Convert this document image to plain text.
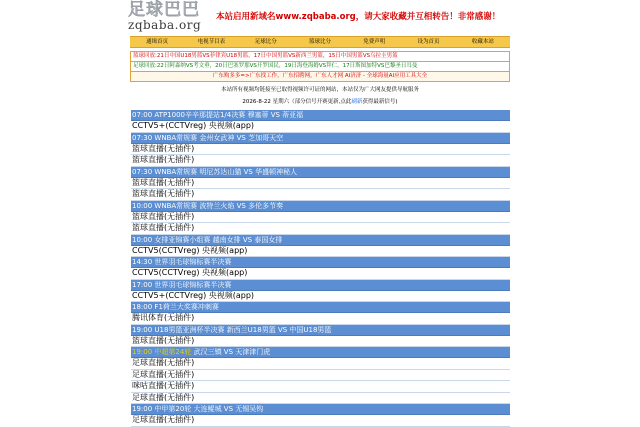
足球巴巴
zqbaba.org
本站启用新域名www.zqbaba.org，请大家收藏并互相转告！非常感谢！
通缉首页	电视节目表	足球比分	篮球比分	免费声明	设为首页	收藏本站
篮球回放:21日中国U18男篮VS菲律宾U18男篮，17日中国男篮VS新西兰男篮，15日中国男篮VS乌拉圭男篮
足球回放:22日阿森纳VS考文垂，20日巴塞罗那VS开罗国民，19日海登海姆VS拜仁，17日斯图加特VS巴黎圣日耳曼
广东购多多=>广东找工作，广东招聘网，广东人才网 AI济济 - 全球海量AI应用工具大全
本站所有视频均链接至已取得视频许可证的网站，本站仅为广大网友提供导航服务
2026-8-22 星期六（部分信号开赛更新,点此刷新获得最新信号)
07:00 ATP1000辛辛那提站1/4决赛 穆塞蒂 VS 蒂亚福
CCTV5+(CCTVreg) 央视频(app)
07:30 WNBA常规赛 金州女武神 VS 芝加哥天空
篮球直播(无插件)
篮球直播(无插件)
07:30 WNBA常规赛 明尼苏达山猫 VS 华盛顿神秘人
篮球直播(无插件)
篮球直播(无插件)
10:00 WNBA常规赛 波特兰火焰 VS 多伦多节奏
篮球直播(无插件)
篮球直播(无插件)
10:00 女排亚锦赛小组赛 越南女排 VS 泰国女排
CCTV5(CCTVreg) 央视频(app)
14:30 世界羽毛球锦标赛半决赛
CCTV5(CCTVreg) 央视频(app)
17:00 世界羽毛球锦标赛半决赛
CCTV5+(CCTVreg) 央视频(app)
18:00 F1荷兰大奖赛冲刺赛
腾讯体育(无插件)
19:00 U18男篮亚洲杯半决赛 新西兰U18男篮 VS 中国U18男篮
篮球直播(无插件)
19:00 中超第24轮 武汉三镇 VS 天津津门虎
足球直播(无插件)
足球直播(无插件)
咪咕直播(无插件)
足球直播(无插件)
19:00 中甲第20轮 大连鲲城 VS 无锡吴钩
足球直播(无插件)
